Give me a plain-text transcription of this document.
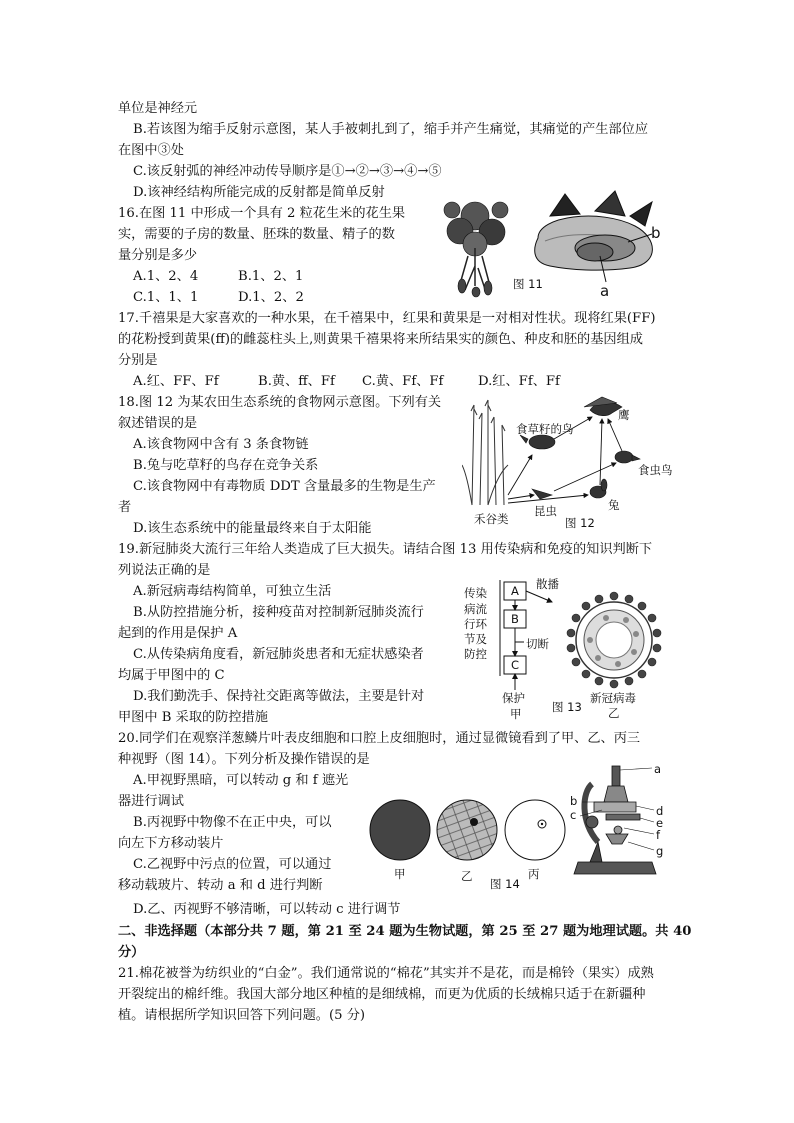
单位是神经元
B.若该图为缩手反射示意图，某人手被刺扎到了，缩手并产生痛觉，其痛觉的产生部位应
在图中③处
C.该反射弧的神经冲动传导顺序是①→②→③→④→⑤
D.该神经结构所能完成的反射都是简单反射
16.在图 11 中形成一个具有 2 粒花生米的花生果
实，需要的子房的数量、胚珠的数量、精子的数
量分别是多少
A.1、2、4	B.1、2、1
C.1、1、1	D.1、2、2
17.千禧果是大家喜欢的一种水果，在千禧果中，红果和黄果是一对相对性状。现将红果(FF)
的花粉授到黄果(ff)的雌蕊柱头上,则黄果千禧果将来所结果实的颜色、种皮和胚的基因组成
分别是
A.红、FF、Ff	B.黄、ff、Ff C.黄、Ff、Ff	D.红、Ff、Ff
18.图 12 为某农田生态系统的食物网示意图。下列有关
叙述错误的是
A.该食物网中含有 3 条食物链
B.兔与吃草籽的鸟存在竞争关系
C.该食物网中有毒物质 DDT 含量最多的生物是生产
者
D.该生态系统中的能量最终来自于太阳能
19.新冠肺炎大流行三年给人类造成了巨大损失。请结合图 13 用传染病和免疫的知识判断下
列说法正确的是
A.新冠病毒结构简单，可独立生活
B.从防控措施分析，接种疫苗对控制新冠肺炎流行
起到的作用是保护 A
C.从传染病角度看，新冠肺炎患者和无症状感染者
均属于甲图中的 C
D.我们勤洗手、保持社交距离等做法，主要是针对
甲图中 B 采取的防控措施
20.同学们在观察洋葱鳞片叶表皮细胞和口腔上皮细胞时，通过显微镜看到了甲、乙、丙三
种视野（图 14）。下列分析及操作错误的是
A.甲视野黑暗，可以转动 g 和 f 遮光
器进行调试
B.丙视野中物像不在正中央，可以
向左下方移动装片
C.乙视野中污点的位置，可以通过
移动载玻片、转动 a 和 d 进行判断
D.乙、丙视野不够清晰，可以转动 c 进行调节
二、非选择题（本部分共 7 题，第 21 至 24 题为生物试题，第 25 至 27 题为地理试题。共 40
分）
21.棉花被誉为纺织业的“白金”。我们通常说的“棉花”其实并不是花，而是棉铃（果实）成熟
开裂绽出的棉纤维。我国大部分地区种植的是细绒棉，而更为优质的长绒棉只适于在新疆种
植。请根据所学知识回答下列问题。(5 分)
b
a
图 11
鹰
食草籽的鸟
食虫鸟
兔
昆虫
禾谷类	图 12
传染
病流
行环
节及
防控
A
B
C
散播
切断
保护
甲	图 13
新冠病毒
乙
a
b
c	d
e
f
g
甲	乙	丙
图 14
